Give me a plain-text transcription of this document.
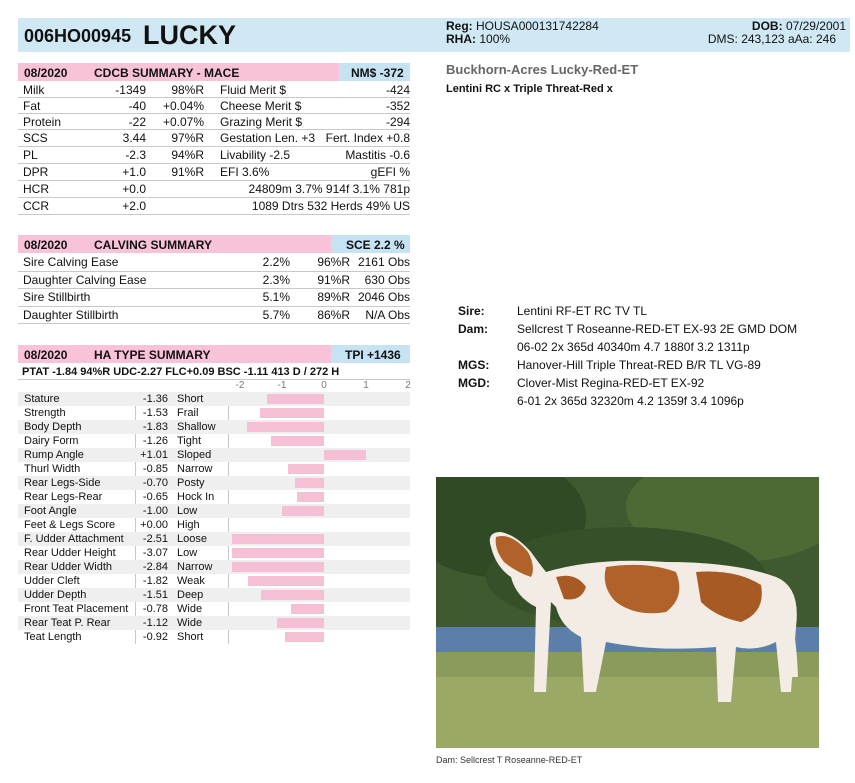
006HO00945 LUCKY	Reg: HOUSA000131742284
RHA: 100%
DOB: 07/29/2001
DMS: 243,123 aAa: 246
08/2020 CDCB SUMMARY - MACE	NM$ -372
Milk	-1349	98%R Fluid Merit $	-424
Fat	-40	+0.04% Cheese Merit $	-352
Protein	-22	+0.07% Grazing Merit $	-294
SCS	3.44	97%R Gestation Len. +3 Fert. Index +0.8
PL	-2.3	94%R Livability -2.5	Mastitis -0.6
DPR	+1.0	91%R EFI 3.6%	gEFI %
HCR	+0.0	24809m 3.7% 914f 3.1% 781p
CCR	+2.0	1089 Dtrs 532 Herds 49% US
08/2020 CALVING SUMMARY	SCE 2.2 %
Sire Calving Ease	2.2%	96%R 2161 Obs
Daughter Calving Ease	2.3%	91%R 630 Obs
Sire Stillbirth	5.1%	89%R 2046 Obs
Daughter Stillbirth	5.7%	86%R N/A Obs
08/2020 HA TYPE SUMMARY	TPI +1436
PTAT -1.84 94%R UDC-2.27 FLC+0.09 BSC -1.11 413 D / 272 H
-2	-1	0	1	2
Stature	-1.36 Short
Strength	-1.53 Frail
Body Depth	-1.83 Shallow
Dairy Form	-1.26 Tight
Rump Angle	+1.01 Sloped
Thurl Width	-0.85 Narrow
Rear Legs-Side	-0.70 Posty
Rear Legs-Rear	-0.65 Hock In
Foot Angle	-1.00 Low
Feet & Legs Score	+0.00 High
F. Udder Attachment	-2.51 Loose
Rear Udder Height	-3.07 Low
Rear Udder Width	-2.84 Narrow
Udder Cleft	-1.82 Weak
Udder Depth	-1.51 Deep
Front Teat Placement	-0.78 Wide
Rear Teat P. Rear	-1.12 Wide
Teat Length	-0.92 Short
Buckhorn-Acres Lucky-Red-ET
Lentini RC x Triple Threat-Red x
Sire:	Lentini RF-ET RC TV TL
Dam: Sellcrest T Roseanne-RED-ET EX-93 2E GMD DOM
06-02 2x 365d 40340m 4.7 1880f 3.2 1311p
MGS: Hanover-Hill Triple Threat-RED B/R TL VG-89
MGD: Clover-Mist Regina-RED-ET EX-92
6-01 2x 365d 32320m 4.2 1359f 3.4 1096p
Dam: Sellcrest T Roseanne-RED-ET
